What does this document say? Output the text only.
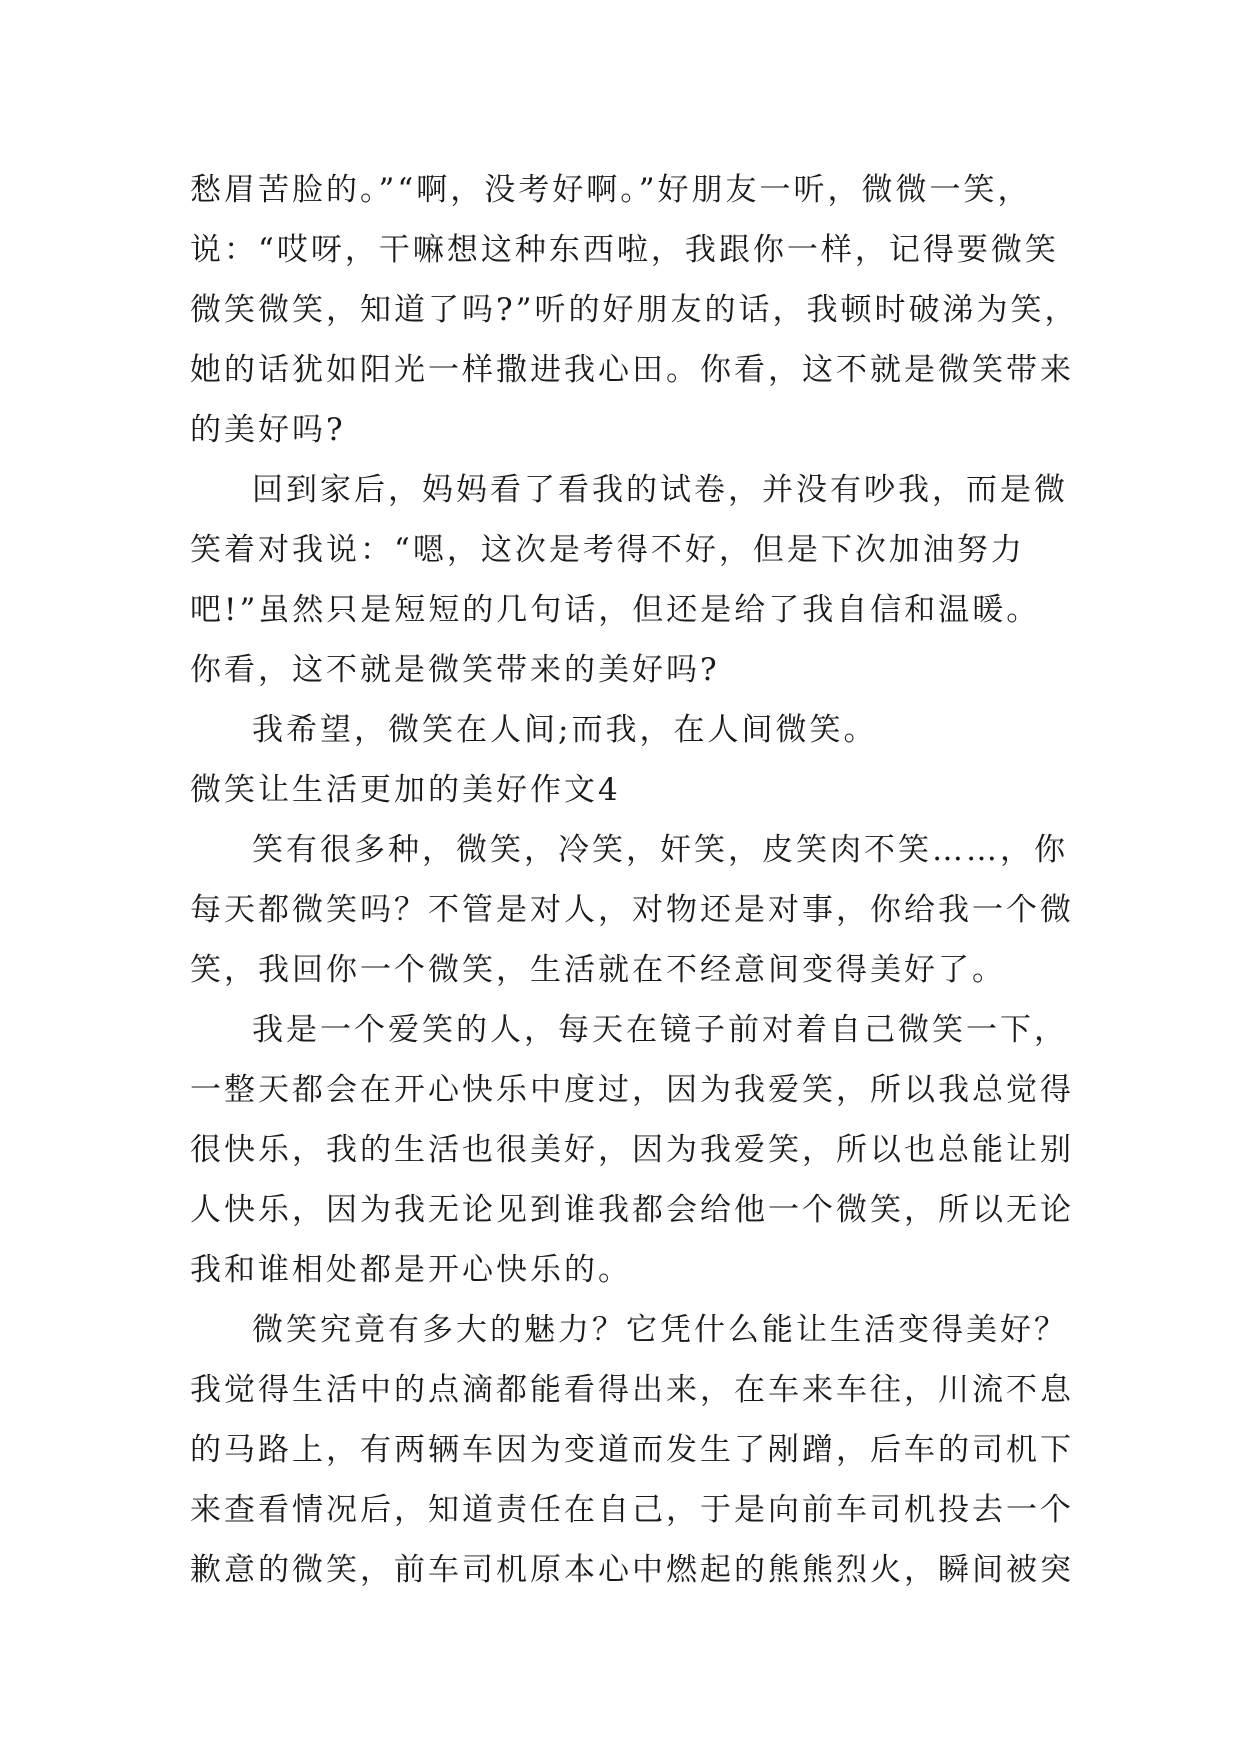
愁眉苦脸的。”“啊，没考好啊。”好朋友一听，微微一笑，
说：“哎呀，干嘛想这种东西啦，我跟你一样，记得要微笑
微笑微笑，知道了吗?”听的好朋友的话，我顿时破涕为笑，
她的话犹如阳光一样撒进我心田。你看，这不就是微笑带来
的美好吗?
回到家后，妈妈看了看我的试卷，并没有吵我，而是微
笑着对我说：“嗯，这次是考得不好，但是下次加油努力
吧!”虽然只是短短的几句话，但还是给了我自信和温暖。
你看，这不就是微笑带来的美好吗?
我希望，微笑在人间;而我，在人间微笑。
微笑让生活更加的美好作文4
笑有很多种，微笑，冷笑，奸笑，皮笑肉不笑……，你
每天都微笑吗？不管是对人，对物还是对事，你给我一个微
笑，我回你一个微笑，生活就在不经意间变得美好了。
我是一个爱笑的人，每天在镜子前对着自己微笑一下，
一整天都会在开心快乐中度过，因为我爱笑，所以我总觉得
很快乐，我的生活也很美好，因为我爱笑，所以也总能让别
人快乐，因为我无论见到谁我都会给他一个微笑，所以无论
我和谁相处都是开心快乐的。
微笑究竟有多大的魅力？它凭什么能让生活变得美好？
我觉得生活中的点滴都能看得出来，在车来车往，川流不息
的马路上，有两辆车因为变道而发生了剐蹭，后车的司机下
来查看情况后，知道责任在自己，于是向前车司机投去一个
歉意的微笑，前车司机原本心中燃起的熊熊烈火，瞬间被突
